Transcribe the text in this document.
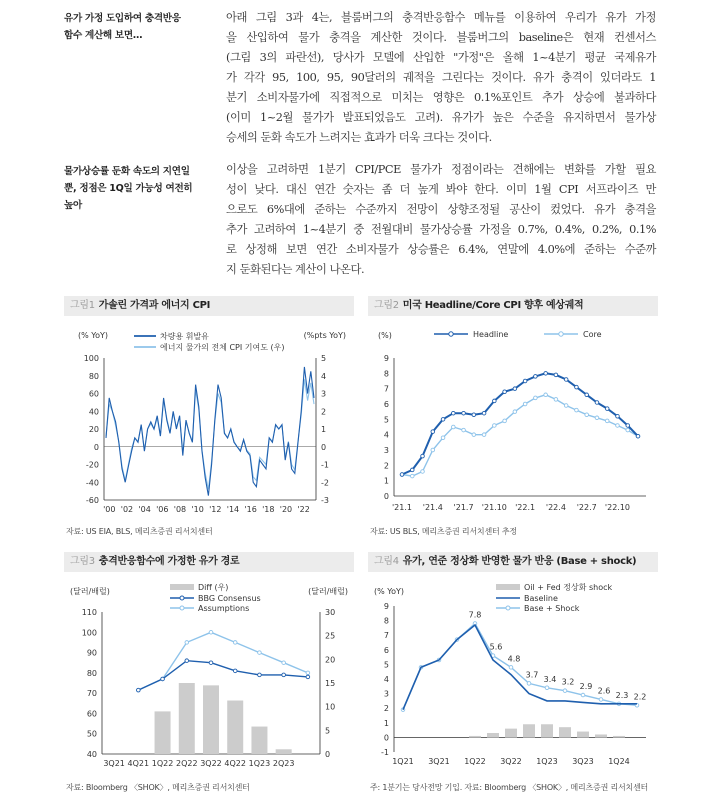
유가 가정 도입하여 충격반응
함수 계산해 보면…
아래 그림 3과 4는, 블룸버그의 충격반응함수 메뉴를 이용하여 우리가 유가 가정
을 산입하여 물가 충격을 계산한 것이다. 블룸버그의 baseline은 현재 컨센서스
(그림 3의 파란선), 당사가 모델에 산입한 "가정"은 올해 1~4분기 평균 국제유가
가 각각 95, 100, 95, 90달러의 궤적을 그린다는 것이다. 유가 충격이 있더라도 1
분기 소비자물가에 직접적으로 미치는 영향은 0.1%포인트 추가 상승에 불과하다
(이미 1~2월 물가가 발표되었음도 고려). 유가가 높은 수준을 유지하면서 물가상
승세의 둔화 속도가 느려지는 효과가 더욱 크다는 것이다.
물가상승률 둔화 속도의 지연일
뿐, 정점은 1Q일 가능성 여전히
높아
이상을 고려하면 1분기 CPI/PCE 물가가 정점이라는 견해에는 변화를 가할 필요
성이 낮다. 대신 연간 숫자는 좀 더 높게 봐야 한다. 이미 1월 CPI 서프라이즈 만
으로도 6%대에 준하는 수준까지 전망이 상향조정될 공산이 컸었다. 유가 충격을
추가 고려하여 1~4분기 중 전월대비 물가상승률 가정을 0.7%, 0.4%, 0.2%, 0.1%
로 상정해 보면 연간 소비자물가 상승률은 6.4%, 연말에 4.0%에 준하는 수준까
지 둔화된다는 계산이 나온다.
그림1 가솔린 가격과 에너지 CPI
(% YoY)	(%pts YoY)
-60
-40
-20
0
20
40
60
80
100
-3
-2
-1
0
1
2
3
4
5
'00 '02 '04 '06 '08 '10 '12 '14 '16 '18 '20 '22
차량용 휘발유
에너지 물가의 전체 CPI 기여도 (우)
자료: US EIA, BLS, 메리츠증권 리서치센터
그림2 미국 Headline/Core CPI 향후 예상궤적
(%)
0
1
2
3
4
5
6
7
8
9
'21.1 '21.4 '21.7 '21.10 '22.1 '22.4 '22.7 '22.10
Headline	Core
자료: US BLS, 메리츠증권 리서치센터 추정
그림3 충격반응함수에 가정한 유가 경로
(달러/배럴)	(달러/배럴)
40
50
60
70
80
90
100
110
0
5
10
15
20
25
30
3Q21 4Q21 1Q22 2Q22 3Q22 4Q22 1Q23 2Q23
Diff (우)
BBG Consensus
Assumptions
자료: Bloomberg 〈SHOK〉, 메리츠증권 리서치센터
그림4 유가, 연준 정상화 반영한 물가 반응 (Base + shock)
(% YoY)
-1
0
1
2
3
4
5
6
7
8
9
1Q21 3Q21 1Q22 3Q22 1Q23 3Q23 1Q24
7.8
5.6
4.8
3.7 3.4 3.2 2.9 2.6 2.3 2.2
Oil + Fed 정상화 shock
Baseline
Base + Shock
주: 1분기는 당사전망 기입. 자료: Bloomberg 〈SHOK〉, 메리츠증권 리서치센터
